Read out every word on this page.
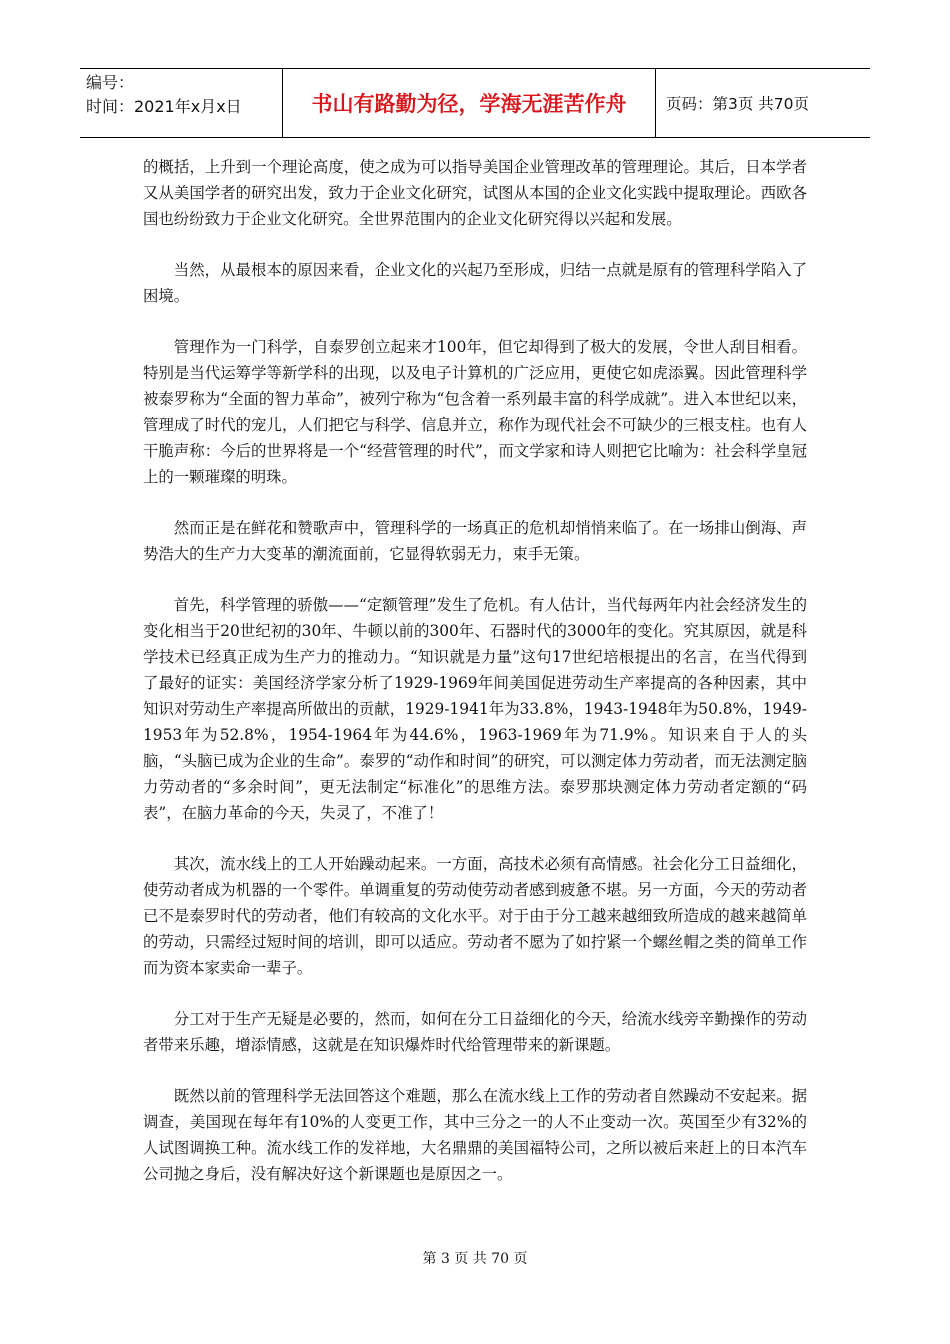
编号：
时间：2021年x月x日	书山有路勤为径，学海无涯苦作舟	页码：第3页 共70页

的概括，上升到一个理论高度，使之成为可以指导美国企业管理改革的管理理论。其后，日本学者又从美国学者的研究出发，致力于企业文化研究，试图从本国的企业文化实践中提取理论。西欧各国也纷纷致力于企业文化研究。全世界范围内的企业文化研究得以兴起和发展。

当然，从最根本的原因来看，企业文化的兴起乃至形成，归结一点就是原有的管理科学陷入了困境。

管理作为一门科学，自泰罗创立起来才100年，但它却得到了极大的发展，令世人刮目相看。特别是当代运筹学等新学科的出现，以及电子计算机的广泛应用，更使它如虎添翼。因此管理科学被泰罗称为“全面的智力革命”，被列宁称为“包含着一系列最丰富的科学成就”。进入本世纪以来，管理成了时代的宠儿，人们把它与科学、信息并立，称作为现代社会不可缺少的三根支柱。也有人干脆声称：今后的世界将是一个“经营管理的时代”，而文学家和诗人则把它比喻为：社会科学皇冠上的一颗璀璨的明珠。

然而正是在鲜花和赞歌声中，管理科学的一场真正的危机却悄悄来临了。在一场排山倒海、声势浩大的生产力大变革的潮流面前，它显得软弱无力，束手无策。

首先，科学管理的骄傲——“定额管理”发生了危机。有人估计，当代每两年内社会经济发生的变化相当于20世纪初的30年、牛顿以前的300年、石器时代的3000年的变化。究其原因，就是科学技术已经真正成为生产力的推动力。“知识就是力量”这句17世纪培根提出的名言，在当代得到了最好的证实：美国经济学家分析了1929-1969年间美国促进劳动生产率提高的各种因素，其中知识对劳动生产率提高所做出的贡献，1929-1941年为33.8%，1943-1948年为50.8%，1949-1953年为52.8%，1954-1964年为44.6%，1963-1969年为71.9%。知识来自于人的头脑，“头脑已成为企业的生命”。泰罗的“动作和时间”的研究，可以测定体力劳动者，而无法测定脑力劳动者的“多余时间”，更无法制定“标准化”的思维方法。泰罗那块测定体力劳动者定额的“码表”，在脑力革命的今天，失灵了，不准了！

其次，流水线上的工人开始躁动起来。一方面，高技术必须有高情感。社会化分工日益细化，使劳动者成为机器的一个零件。单调重复的劳动使劳动者感到疲惫不堪。另一方面，今天的劳动者已不是泰罗时代的劳动者，他们有较高的文化水平。对于由于分工越来越细致所造成的越来越简单的劳动，只需经过短时间的培训，即可以适应。劳动者不愿为了如拧紧一个螺丝帽之类的简单工作而为资本家卖命一辈子。

分工对于生产无疑是必要的，然而，如何在分工日益细化的今天，给流水线旁辛勤操作的劳动者带来乐趣，增添情感，这就是在知识爆炸时代给管理带来的新课题。

既然以前的管理科学无法回答这个难题，那么在流水线上工作的劳动者自然躁动不安起来。据调查，美国现在每年有10%的人变更工作，其中三分之一的人不止变动一次。英国至少有32%的人试图调换工种。流水线工作的发祥地，大名鼎鼎的美国福特公司，之所以被后来赶上的日本汽车公司抛之身后，没有解决好这个新课题也是原因之一。

第 3 页 共 70 页
